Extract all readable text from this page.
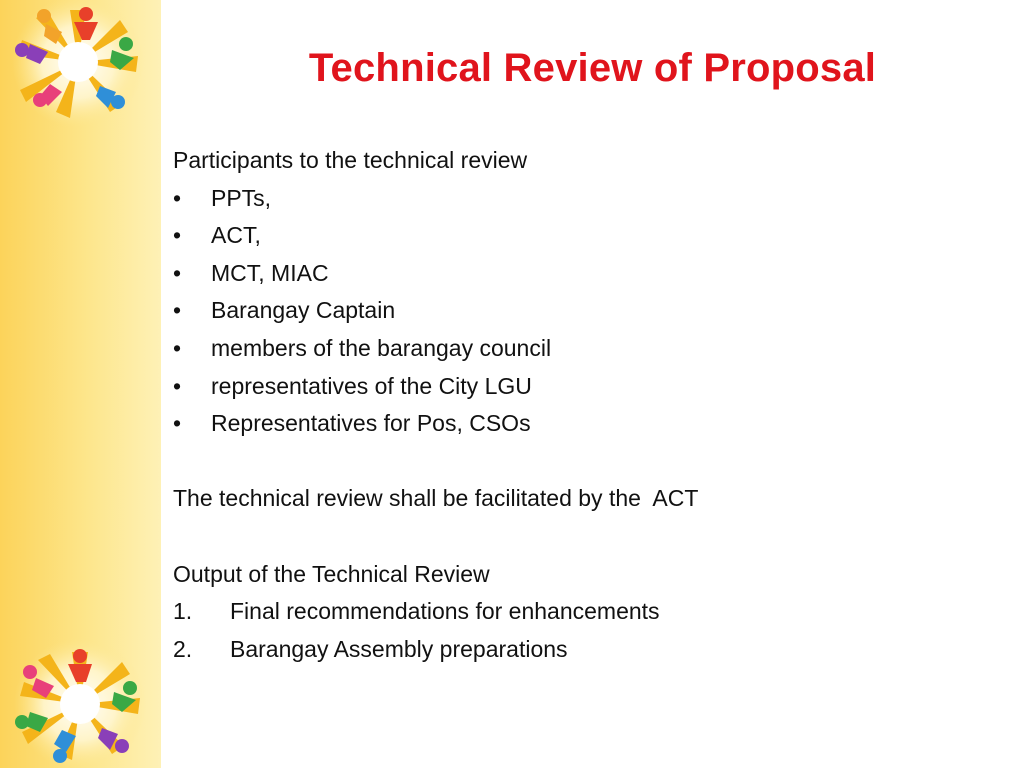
Technical Review of Proposal
Participants to the technical review
•	PPTs,
•	ACT,
•	MCT, MIAC
•	Barangay Captain
•	members of the barangay council
•	representatives of the City LGU
•	Representatives for Pos, CSOs
The technical review shall be facilitated by the  ACT
Output of the Technical Review
1.	Final recommendations for enhancements
2.	Barangay Assembly preparations
